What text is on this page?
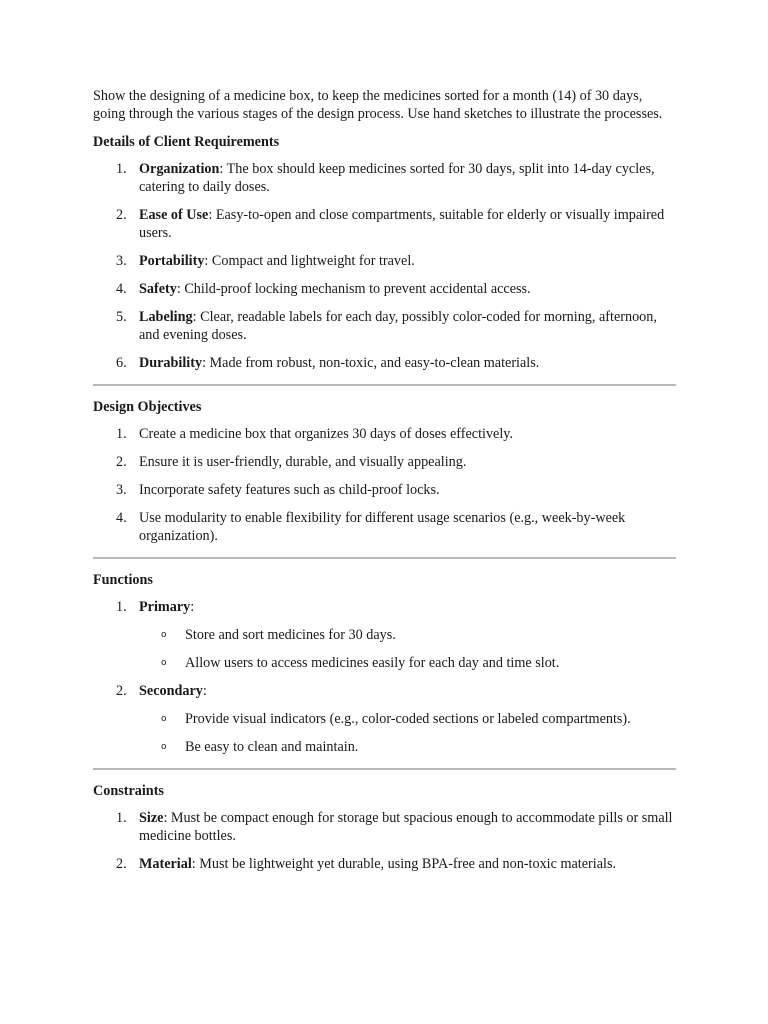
Show the designing of a medicine box, to keep the medicines sorted for a month (14) of 30 days, going through the various stages of the design process. Use hand sketches to illustrate the processes.

Details of Client Requirements
1. Organization: The box should keep medicines sorted for 30 days, split into 14-day cycles, catering to daily doses.
2. Ease of Use: Easy-to-open and close compartments, suitable for elderly or visually impaired users.
3. Portability: Compact and lightweight for travel.
4. Safety: Child-proof locking mechanism to prevent accidental access.
5. Labeling: Clear, readable labels for each day, possibly color-coded for morning, afternoon, and evening doses.
6. Durability: Made from robust, non-toxic, and easy-to-clean materials.
Design Objectives
1. Create a medicine box that organizes 30 days of doses effectively.
2. Ensure it is user-friendly, durable, and visually appealing.
3. Incorporate safety features such as child-proof locks.
4. Use modularity to enable flexibility for different usage scenarios (e.g., week-by-week organization).
Functions
1. Primary:
o Store and sort medicines for 30 days.
o Allow users to access medicines easily for each day and time slot.
2. Secondary:
o Provide visual indicators (e.g., color-coded sections or labeled compartments).
o Be easy to clean and maintain.
Constraints
1. Size: Must be compact enough for storage but spacious enough to accommodate pills or small medicine bottles.
2. Material: Must be lightweight yet durable, using BPA-free and non-toxic materials.
